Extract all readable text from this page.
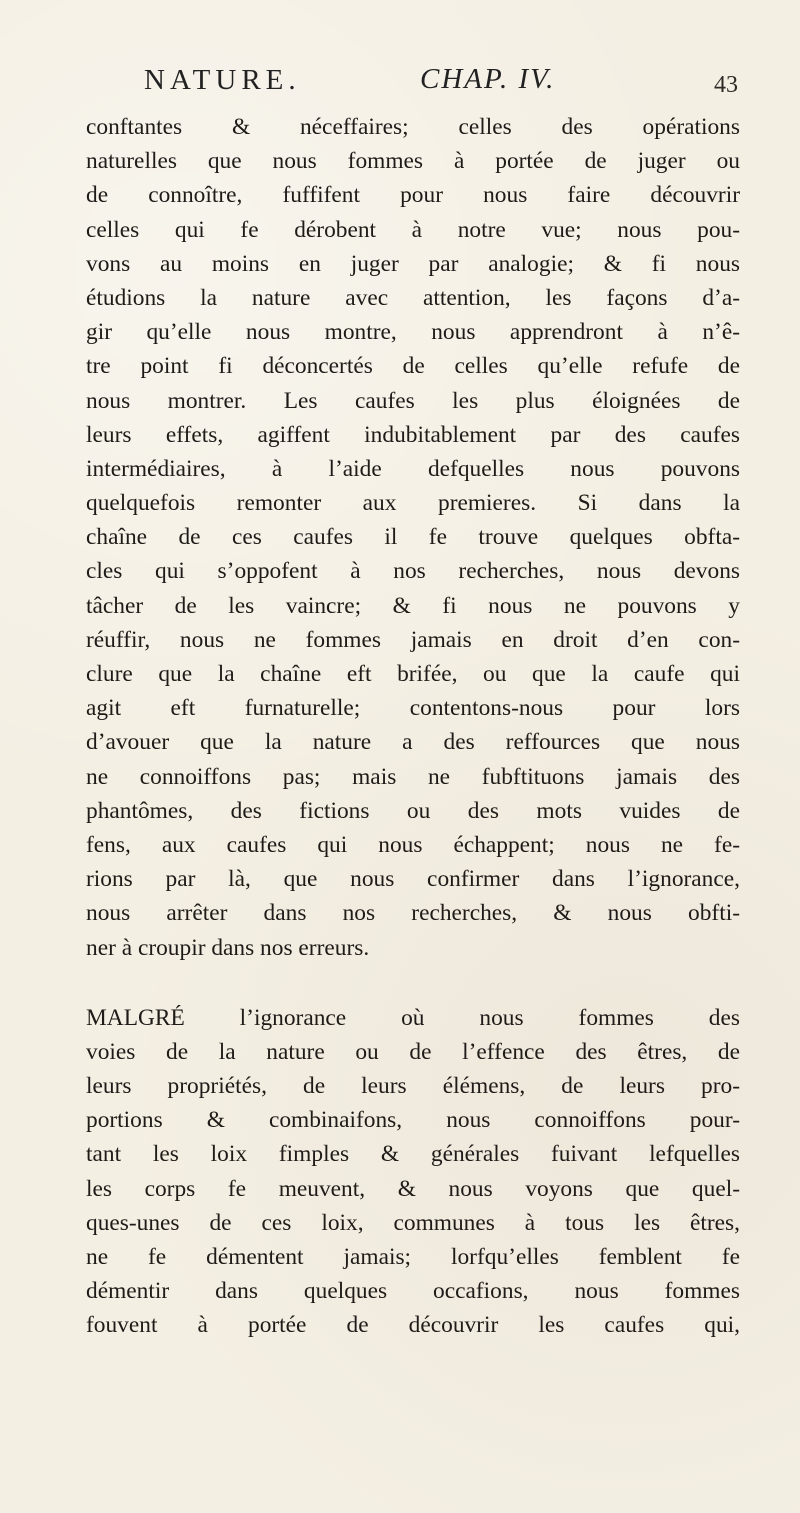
NATURE.	CHAP. IV.	43
conftantes & néceffaires; celles des opérations
naturelles que nous fommes à portée de juger ou
de connoître, fuffifent pour nous faire découvrir
celles qui fe dérobent à notre vue; nous pou-
vons au moins en juger par analogie; & fi nous
étudions la nature avec attention, les façons d’a-
gir qu’elle nous montre, nous apprendront à n’ê-
tre point fi déconcertés de celles qu’elle refufe de
nous montrer. Les caufes les plus éloignées de
leurs effets, agiffent indubitablement par des caufes
intermédiaires, à l’aide defquelles nous pouvons
quelquefois remonter aux premieres. Si dans la
chaîne de ces caufes il fe trouve quelques obfta-
cles qui s’oppofent à nos recherches, nous devons
tâcher de les vaincre; & fi nous ne pouvons y
réuffir, nous ne fommes jamais en droit d’en con-
clure que la chaîne eft brifée, ou que la caufe qui
agit eft furnaturelle; contentons-nous pour lors
d’avouer que la nature a des reffources que nous
ne connoiffons pas; mais ne fubftituons jamais des
phantômes, des fictions ou des mots vuides de
fens, aux caufes qui nous échappent; nous ne fe-
rions par là, que nous confirmer dans l’ignorance,
nous arrêter dans nos recherches, & nous obfti-
ner à croupir dans nos erreurs.
MALGRÉ l’ignorance où nous fommes des
voies de la nature ou de l’effence des êtres, de
leurs propriétés, de leurs élémens, de leurs pro-
portions & combinaifons, nous connoiffons pour-
tant les loix fimples & générales fuivant lefquelles
les corps fe meuvent, & nous voyons que quel-
ques-unes de ces loix, communes à tous les êtres,
ne fe démentent jamais; lorfqu’elles femblent fe
démentir dans quelques occafions, nous fommes
fouvent à portée de découvrir les caufes qui,
